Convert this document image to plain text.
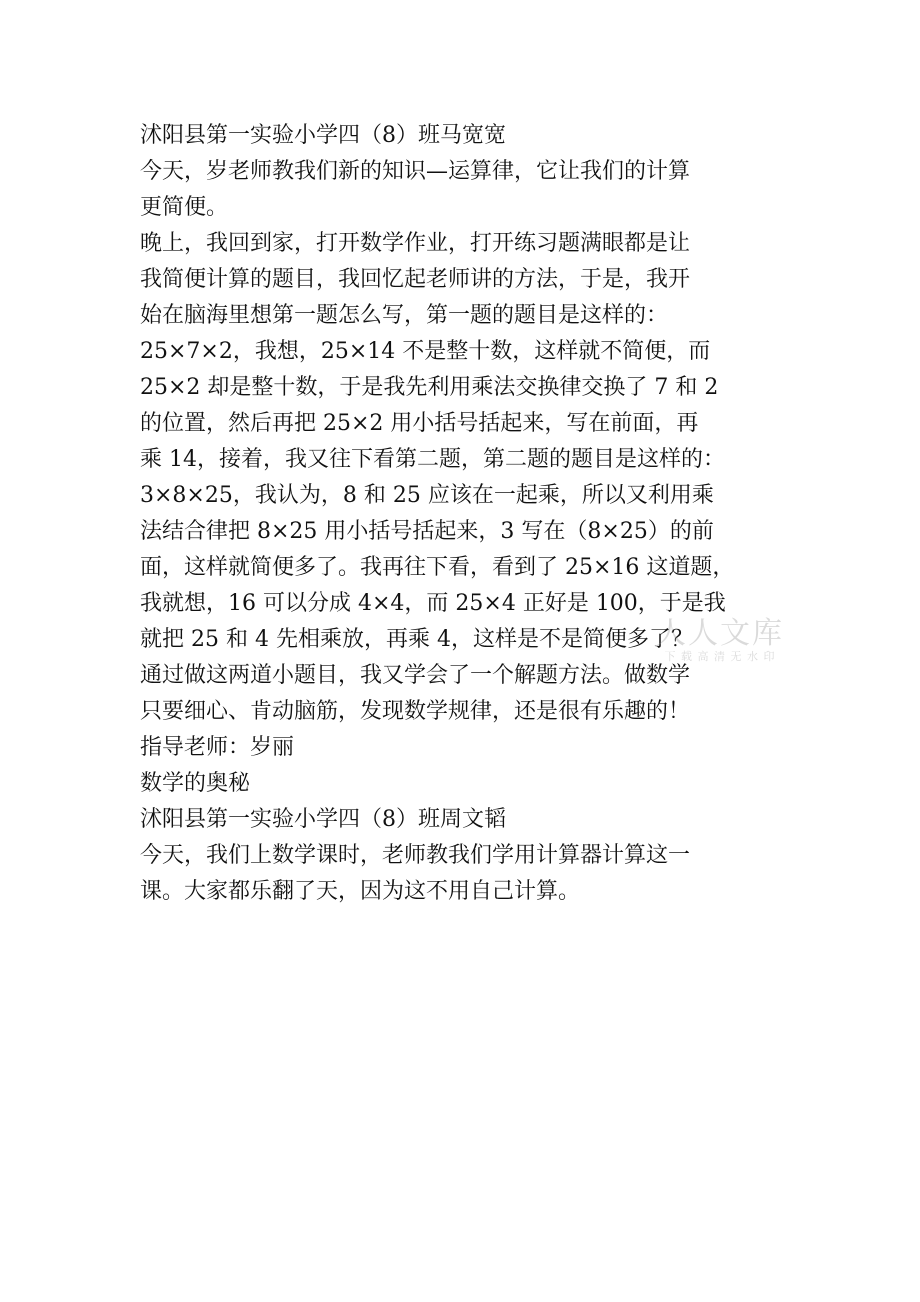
沭阳县第一实验小学四（8）班马宽宽

今天，岁老师教我们新的知识—运算律，它让我们的计算

更简便。

晚上，我回到家，打开数学作业，打开练习题满眼都是让

我简便计算的题目，我回忆起老师讲的方法，于是，我开

始在脑海里想第一题怎么写，第一题的题目是这样的：

25×7×2，我想，25×14 不是整十数，这样就不简便，而

25×2 却是整十数，于是我先利用乘法交换律交换了 7 和 2

的位置，然后再把 25×2 用小括号括起来，写在前面，再

乘 14，接着，我又往下看第二题，第二题的题目是这样的：

3×8×25，我认为，8 和 25 应该在一起乘，所以又利用乘

法结合律把 8×25 用小括号括起来，3 写在（8×25）的前

面，这样就简便多了。我再往下看，看到了 25×16 这道题，

我就想，16 可以分成 4×4，而 25×4 正好是 100，于是我

就把 25 和 4 先相乘放，再乘 4，这样是不是简便多了？

通过做这两道小题目，我又学会了一个解题方法。做数学

只要细心、肯动脑筋，发现数学规律，还是很有乐趣的！

指导老师：岁丽

数学的奥秘

沭阳县第一实验小学四（8）班周文韬

今天，我们上数学课时，老师教我们学用计算器计算这一

课。大家都乐翻了天，因为这不用自己计算。

人人文库
下 载 高 清 无 水 印
